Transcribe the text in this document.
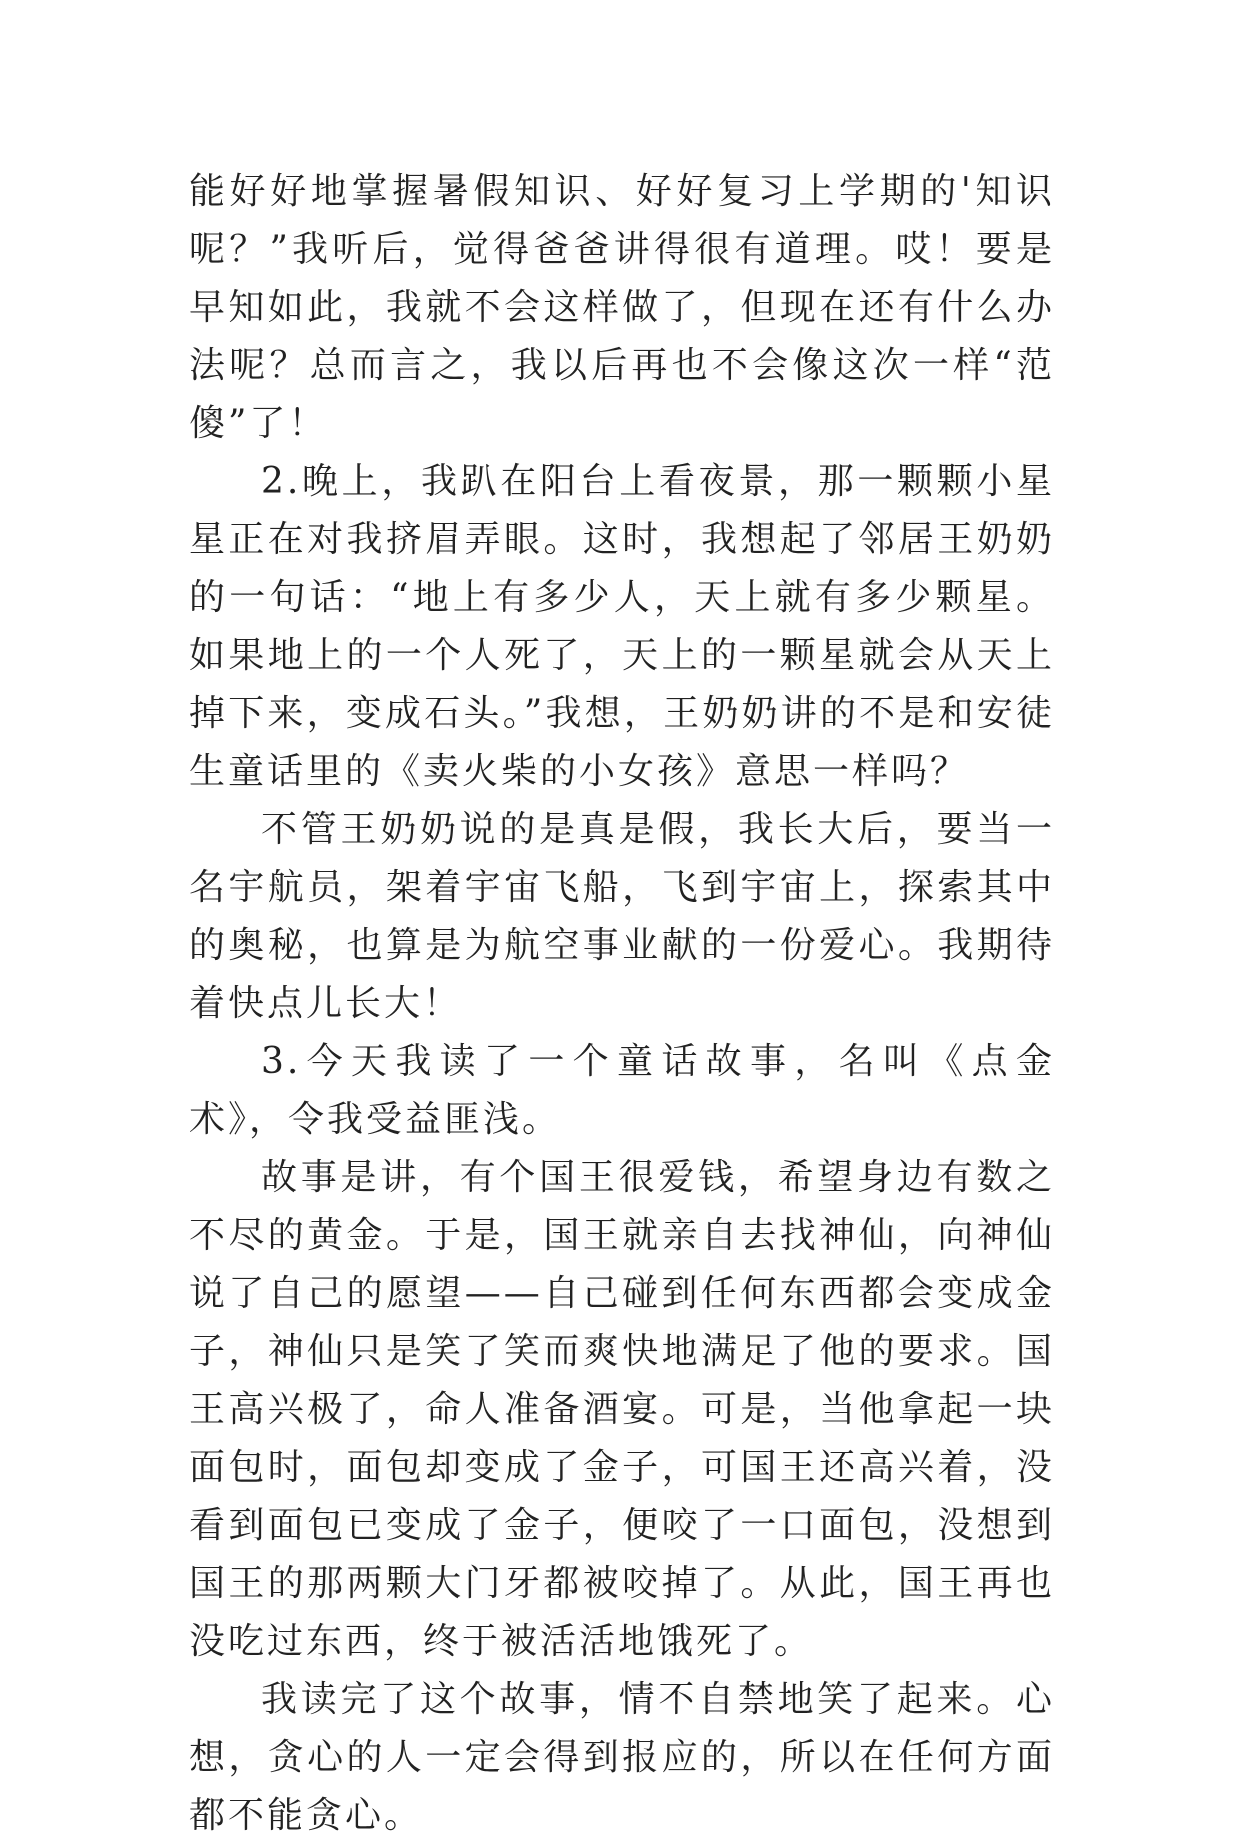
能好好地掌握暑假知识、好好复习上学期的'知识呢？”我听后，觉得爸爸讲得很有道理。哎！要是早知如此，我就不会这样做了，但现在还有什么办法呢？总而言之，我以后再也不会像这次一样“范傻”了！

2.晚上，我趴在阳台上看夜景，那一颗颗小星星正在对我挤眉弄眼。这时，我想起了邻居王奶奶的一句话：“地上有多少人，天上就有多少颗星。如果地上的一个人死了，天上的一颗星就会从天上掉下来，变成石头。”我想，王奶奶讲的不是和安徒生童话里的《卖火柴的小女孩》意思一样吗？

不管王奶奶说的是真是假，我长大后，要当一名宇航员，架着宇宙飞船，飞到宇宙上，探索其中的奥秘，也算是为航空事业献的一份爱心。我期待着快点儿长大！

3.今天我读了一个童话故事，名叫《点金术》，令我受益匪浅。

故事是讲，有个国王很爱钱，希望身边有数之不尽的黄金。于是，国王就亲自去找神仙，向神仙说了自己的愿望——自己碰到任何东西都会变成金子，神仙只是笑了笑而爽快地满足了他的要求。国王高兴极了，命人准备酒宴。可是，当他拿起一块面包时，面包却变成了金子，可国王还高兴着，没看到面包已变成了金子，便咬了一口面包，没想到国王的那两颗大门牙都被咬掉了。从此，国王再也没吃过东西，终于被活活地饿死了。

我读完了这个故事，情不自禁地笑了起来。心想，贪心的人一定会得到报应的，所以在任何方面都不能贪心。
